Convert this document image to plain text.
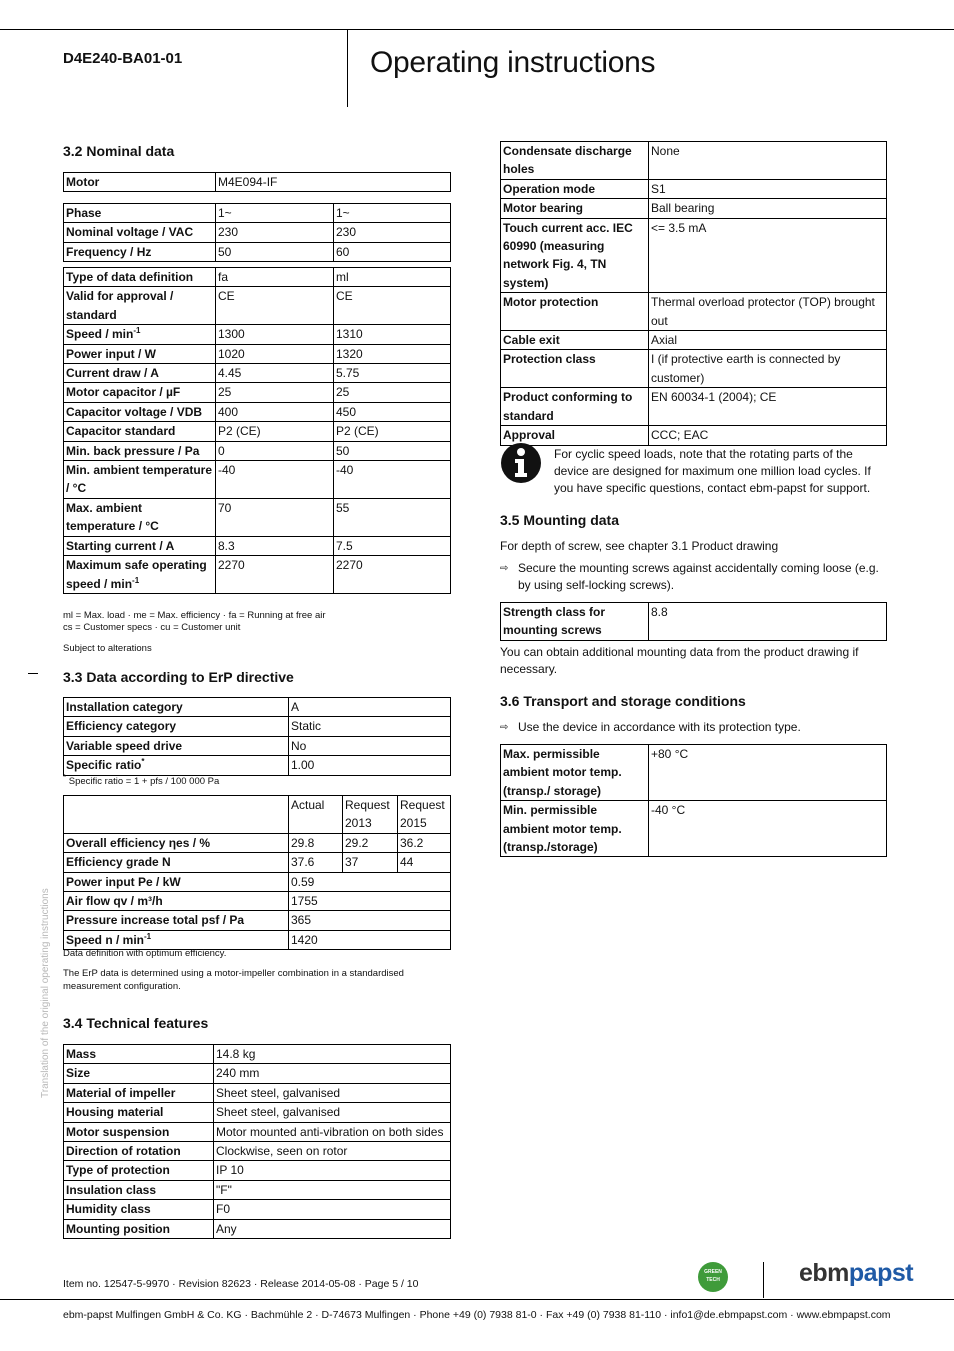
D4E240-BA01-01	Operating instructions
Translation of the original operating instructions
3.2 Nominal data
Motor	M4E094-IF
Phase	1~	1~
Nominal voltage / VAC	230	230
Frequency / Hz	50	60
Type of data definition	fa	ml
Valid for approval / standard	CE	CE
Speed / $\min^{-1}$	1300	1310
Power input / W	1020	1320
Current draw / A	4.45	5.75
Motor capacitor / µF	25	25
Capacitor voltage / VDB	400	450
Capacitor standard	P2 (CE)	P2 (CE)
Min. back pressure / Pa	0	50
Min. ambient temperature / °C	-40	-40
Max. ambient temperature / °C	70	55
Starting current / A	8.3	7.5
Maximum safe operating speed / $\min^{-1}$	2270	2270
ml = Max. load · me = Max. efficiency · fa = Running at free air
cs = Customer specs · cu = Customer unit
Subject to alterations
3.3 Data according to ErP directive
Installation category	A
Efficiency category	Static
Variable speed drive	No
Specific ratio*	1.00
* Specific ratio = 1 + pfs / 100 000 Pa
	Actual	Request 2013	Request 2015
Overall efficiency ηes / %	29.8	29.2	36.2
Efficiency grade N	37.6	37	44
Power input Pe / kW	0.59		
Air flow qv / m³/h	1755		
Pressure increase total psf / Pa	365		
Speed n / $\min^{-1}$	1420		
Data definition with optimum efficiency.
The ErP data is determined using a motor-impeller combination in a standardised measurement configuration.
3.4 Technical features
Mass	14.8 kg
Size	240 mm
Material of impeller	Sheet steel, galvanised
Housing material	Sheet steel, galvanised
Motor suspension	Motor mounted anti-vibration on both sides
Direction of rotation	Clockwise, seen on rotor
Type of protection	IP 10
Insulation class	"F"
Humidity class	F0
Mounting position	Any
Condensate discharge holes	None
Operation mode	S1
Motor bearing	Ball bearing
Touch current acc. IEC 60990 (measuring network Fig. 4, TN system)	<= 3.5 mA
Motor protection	Thermal overload protector (TOP) brought out
Cable exit	Axial
Protection class	I (if protective earth is connected by customer)
Product conforming to standard	EN 60034-1 (2004); CE
Approval	CCC; EAC
For cyclic speed loads, note that the rotating parts of the device are designed for maximum one million load cycles. If you have specific questions, contact ebm-papst for support.
3.5 Mounting data
For depth of screw, see chapter 3.1 Product drawing
⇨ Secure the mounting screws against accidentally coming loose (e.g. by using self-locking screws).
Strength class for mounting screws	8.8
You can obtain additional mounting data from the product drawing if necessary.
3.6 Transport and storage conditions
⇨ Use the device in accordance with its protection type.
Max. permissible ambient motor temp. (transp./ storage)	+80 °C
Min. permissible ambient motor temp. (transp./storage)	-40 °C
Item no. 12547-5-9970 · Revision 82623 · Release 2014-05-08 · Page 5 / 10
GREEN TECH	ebmpapst
ebm-papst Mulfingen GmbH & Co. KG · Bachmühle 2 · D-74673 Mulfingen · Phone +49 (0) 7938 81-0 · Fax +49 (0) 7938 81-110 · info1@de.ebmpapst.com · www.ebmpapst.com
